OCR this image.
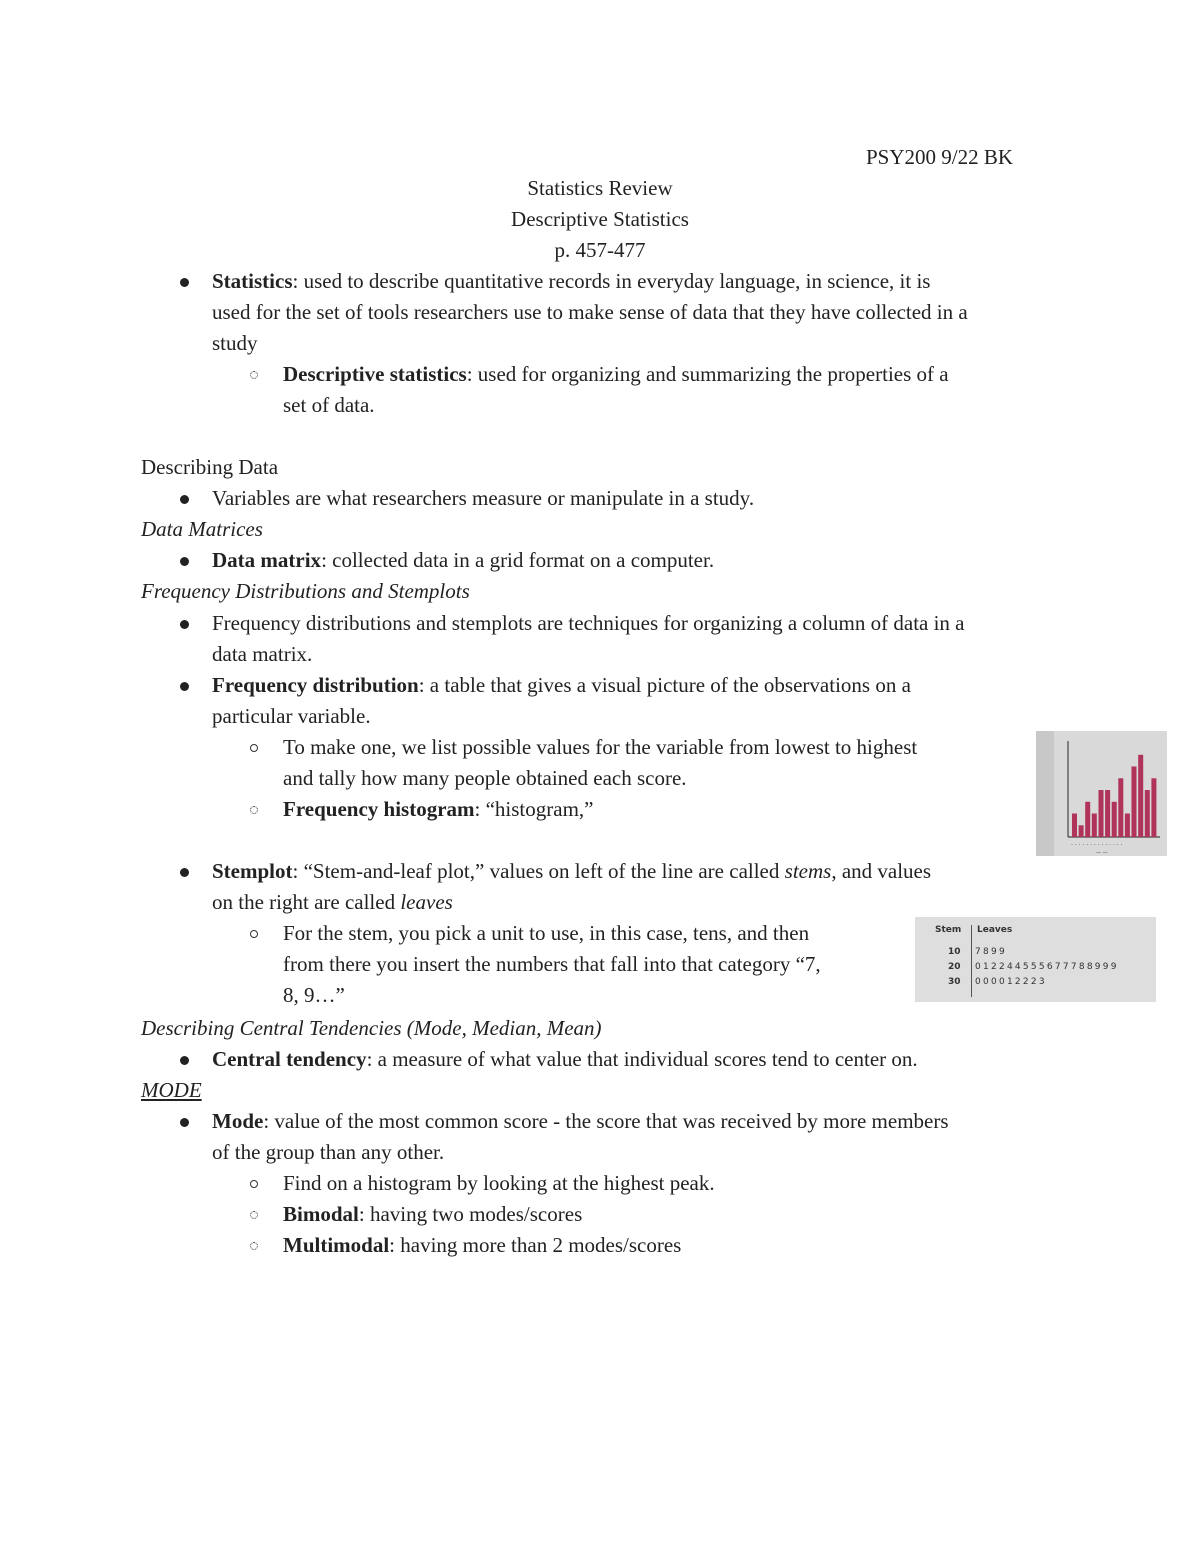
PSY200 9/22 BK
Statistics Review
Descriptive Statistics
p. 457-477
Statistics: used to describe quantitative records in everyday language, in science, it is
used for the set of tools researchers use to make sense of data that they have collected in a
study
Descriptive statistics: used for organizing and summarizing the properties of a
set of data.
Describing Data
Variables are what researchers measure or manipulate in a study.
Data Matrices
Data matrix: collected data in a grid format on a computer.
Frequency Distributions and Stemplots
Frequency distributions and stemplots are techniques for organizing a column of data in a
data matrix.
Frequency distribution: a table that gives a visual picture of the observations on a
particular variable.
To make one, we list possible values for the variable from lowest to highest
and tally how many people obtained each score.
Frequency histogram: “histogram,”
· · · · · · · · · · · · · ·
— —
Stemplot: “Stem-and-leaf plot,” values on left of the line are called stems, and values
on the right are called leaves
For the stem, you pick a unit to use, in this case, tens, and then
from there you insert the numbers that fall into that category “7,
8, 9…”
Stem Leaves
10 7 8 9 9
20 0 1 2 2 4 4 5 5 5 6 7 7 7 8 8 9 9 9
30 0 0 0 0 1 2 2 2 3
Describing Central Tendencies (Mode, Median, Mean)
Central tendency: a measure of what value that individual scores tend to center on.
MODE
Mode: value of the most common score - the score that was received by more members
of the group than any other.
Find on a histogram by looking at the highest peak.
Bimodal: having two modes/scores
Multimodal: having more than 2 modes/scores
